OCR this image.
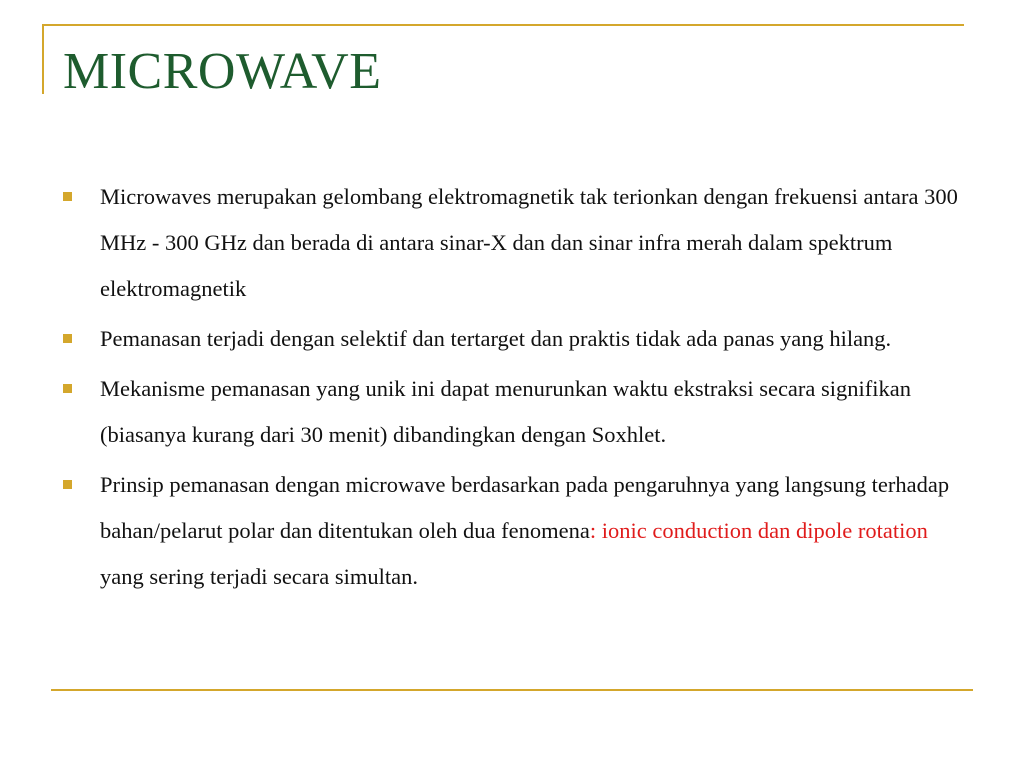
MICROWAVE
Microwaves merupakan gelombang elektromagnetik tak terionkan dengan frekuensi antara 300 MHz - 300 GHz dan berada di antara sinar-X dan dan sinar infra merah dalam spektrum elektromagnetik
Pemanasan terjadi dengan selektif dan tertarget dan praktis tidak ada panas yang hilang.
Mekanisme pemanasan yang unik ini dapat menurunkan waktu ekstraksi secara signifikan (biasanya kurang dari 30 menit) dibandingkan dengan Soxhlet.
Prinsip pemanasan dengan microwave berdasarkan pada pengaruhnya yang langsung terhadap bahan/pelarut polar dan ditentukan oleh dua fenomena: ionic conduction dan dipole rotation yang sering terjadi secara simultan.
